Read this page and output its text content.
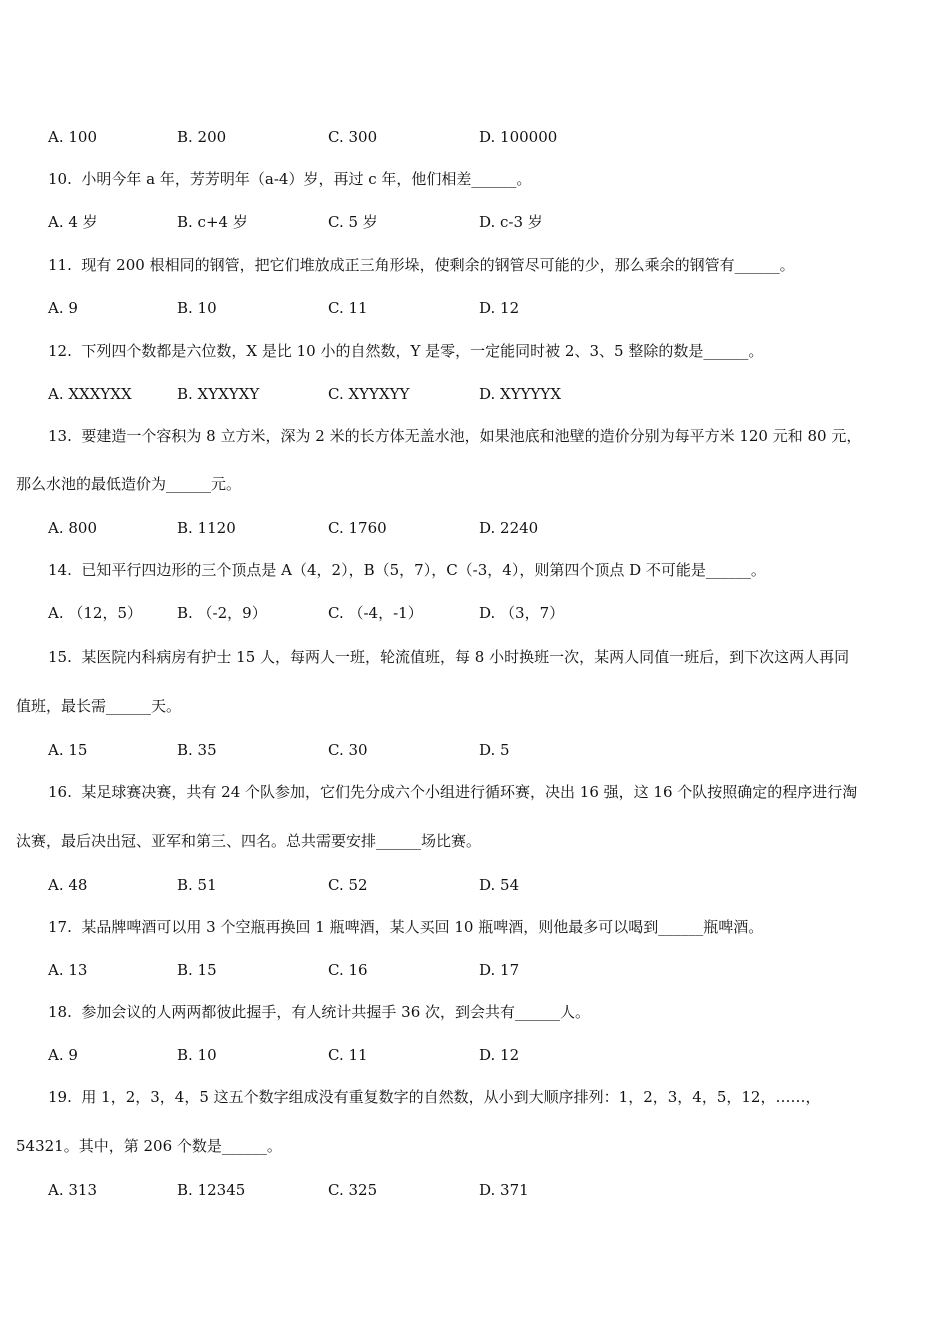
A. 100	B. 200	C. 300	D. 100000
10. 小明今年 a 年，芳芳明年（a-4）岁，再过 c 年，他们相差______。
A. 4 岁	B. c+4 岁	C. 5 岁	D. c-3 岁
11. 现有 200 根相同的钢管，把它们堆放成正三角形垛，使剩余的钢管尽可能的少，那么乘余的钢管有______。
A. 9	B. 10	C. 11	D. 12
12. 下列四个数都是六位数，X 是比 10 小的自然数，Y 是零，一定能同时被 2、3、5 整除的数是______。
A. XXXYXX	B. XYXYXY	C. XYYXYY	D. XYYYYX
13. 要建造一个容积为 8 立方米，深为 2 米的长方体无盖水池，如果池底和池壁的造价分别为每平方米 120 元和 80 元，
那么水池的最低造价为______元。
A. 800	B. 1120	C. 1760	D. 2240
14. 已知平行四边形的三个顶点是 A（4，2），B（5，7），C（-3，4），则第四个顶点 D 不可能是______。
A. （12，5） B. （-2，9）	C. （-4，-1）	D. （3，7）
15. 某医院内科病房有护士 15 人，每两人一班，轮流值班，每 8 小时换班一次，某两人同值一班后，到下次这两人再同
值班，最长需______天。
A. 15	B. 35	C. 30	D. 5
16. 某足球赛决赛，共有 24 个队参加，它们先分成六个小组进行循环赛，决出 16 强，这 16 个队按照确定的程序进行淘
汰赛，最后决出冠、亚军和第三、四名。总共需要安排______场比赛。
A. 48	B. 51	C. 52	D. 54
17. 某品牌啤酒可以用 3 个空瓶再换回 1 瓶啤酒，某人买回 10 瓶啤酒，则他最多可以喝到______瓶啤酒。
A. 13	B. 15	C. 16	D. 17
18. 参加会议的人两两都彼此握手，有人统计共握手 36 次，到会共有______人。
A. 9	B. 10	C. 11	D. 12
19. 用 1，2，3，4，5 这五个数字组成没有重复数字的自然数，从小到大顺序排列：1，2，3，4，5，12，……，
54321。其中，第 206 个数是______。
A. 313	B. 12345	C. 325	D. 371
